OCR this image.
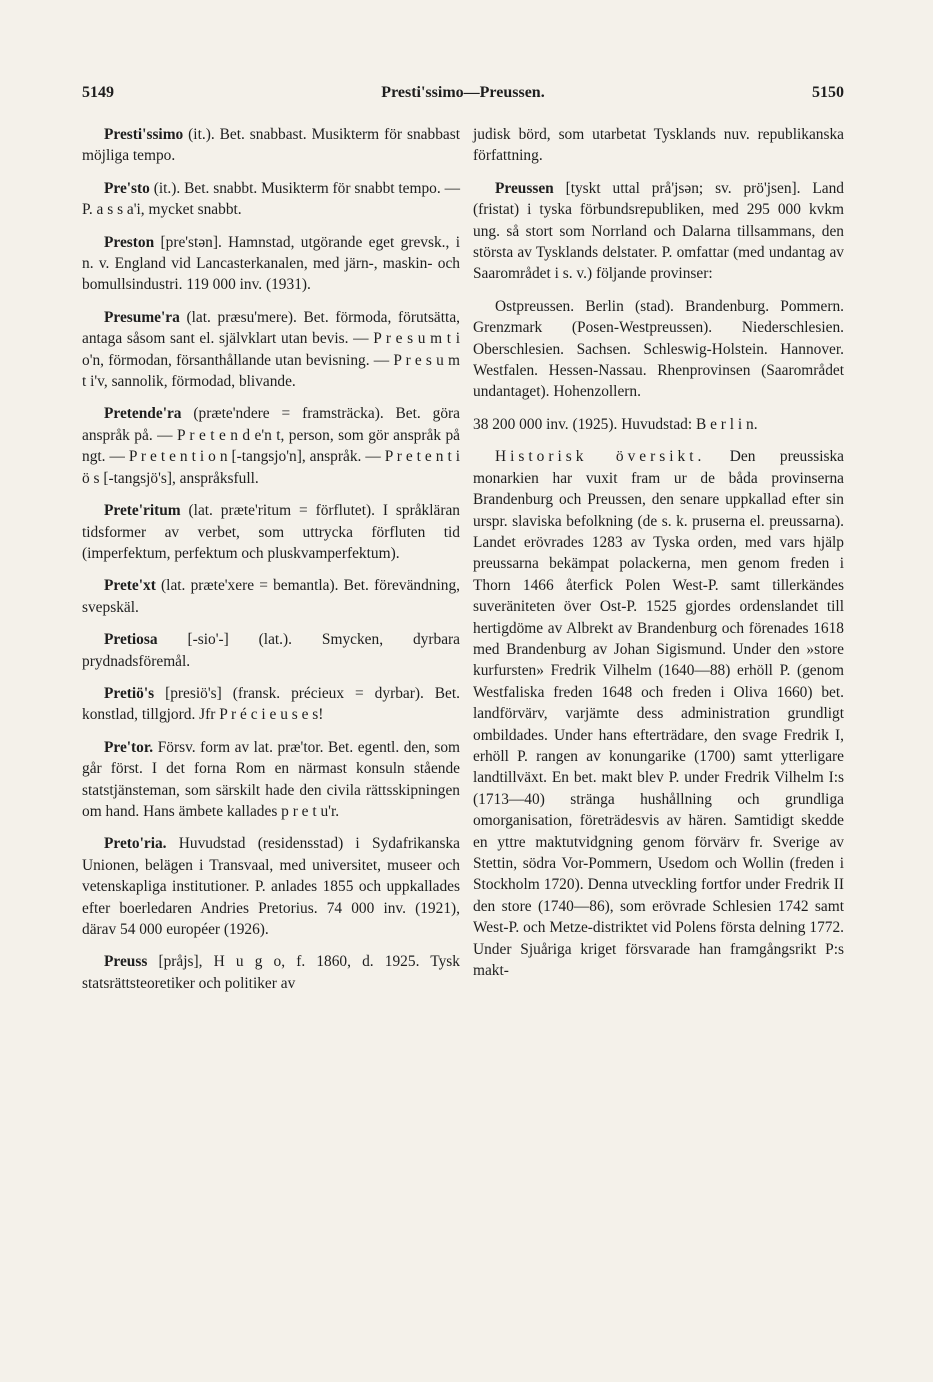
5149	Presti'ssimo—Preussen.	5150

Presti'ssimo (it.). Bet. snabbast. Musikterm för snabbast möjliga tempo.

Pre'sto (it.). Bet. snabbt. Musikterm för snabbt tempo. — P. a s s a'i, mycket snabbt.

Preston [pre'stən]. Hamnstad, utgörande eget grevsk., i n. v. England vid Lancasterkanalen, med järn-, maskin- och bomullsindustri. 119 000 inv. (1931).

Presume'ra (lat. præsu'mere). Bet. förmoda, förutsätta, antaga såsom sant el. självklart utan bevis. — P r e s u m t i o'n, förmodan, försanthållande utan bevisning. — P r e s u m t i'v, sannolik, förmodad, blivande.

Pretende'ra (præte'ndere = framsträcka). Bet. göra anspråk på. — P r e t e n d e'n t, person, som gör anspråk på ngt. — P r e t e n t i o n [-tangsjo'n], anspråk. — P r e t e n t i ö s [-tangsjö's], anspråksfull.

Prete'ritum (lat. præte'ritum = förflutet). I språkläran tidsformer av verbet, som uttrycka förfluten tid (imperfektum, perfektum och pluskvamperfektum).

Prete'xt (lat. præte'xere = bemantla). Bet. förevändning, svepskäl.

Pretiosa [-sio'-] (lat.). Smycken, dyrbara prydnadsföremål.

Pretiö's [presiö's] (fransk. précieux = dyrbar). Bet. konstlad, tillgjord. Jfr P r é c i e u s e s!

Pre'tor. Försv. form av lat. præ'tor. Bet. egentl. den, som går först. I det forna Rom en närmast konsuln stående statstjänsteman, som särskilt hade den civila rättsskipningen om hand. Hans ämbete kallades p r e t u'r.

Preto'ria. Huvudstad (residensstad) i Sydafrikanska Unionen, belägen i Transvaal, med universitet, museer och vetenskapliga institutioner. P. anlades 1855 och uppkallades efter boerledaren Andries Pretorius. 74 000 inv. (1921), därav 54 000 européer (1926).

Preuss [pråjs], H u g o, f. 1860, d. 1925. Tysk statsrättsteoretiker och politiker av

judisk börd, som utarbetat Tysklands nuv. republikanska författning.

Preussen [tyskt uttal prå'jsən; sv. prö'jsen]. Land (fristat) i tyska förbundsrepubliken, med 295 000 kvkm ung. så stort som Norrland och Dalarna tillsammans, den största av Tysklands delstater. P. omfattar (med undantag av Saarområdet i s. v.) följande provinser:

Ostpreussen. Berlin (stad). Brandenburg. Pommern. Grenzmark (Posen-Westpreussen). Niederschlesien. Oberschlesien. Sachsen. Schleswig-Holstein. Hannover. Westfalen. Hessen-Nassau. Rhenprovinsen (Saarområdet undantaget). Hohenzollern.

38 200 000 inv. (1925). Huvudstad: B e r l i n.

Historisk översikt. Den preussiska monarkien har vuxit fram ur de båda provinserna Brandenburg och Preussen, den senare uppkallad efter sin urspr. slaviska befolkning (de s. k. pruserna el. preussarna). Landet erövrades 1283 av Tyska orden, med vars hjälp preussarna bekämpat polackerna, men genom freden i Thorn 1466 återfick Polen West-P. samt tillerkändes suveräniteten över Ost-P. 1525 gjordes ordenslandet till hertigdöme av Albrekt av Brandenburg och förenades 1618 med Brandenburg av Johan Sigismund. Under den »store kurfursten» Fredrik Vilhelm (1640—88) erhöll P. (genom Westfaliska freden 1648 och freden i Oliva 1660) bet. landförvärv, varjämte dess administration grundligt ombildades. Under hans efterträdare, den svage Fredrik I, erhöll P. rangen av konungarike (1700) samt ytterligare landtillväxt. En bet. makt blev P. under Fredrik Vilhelm I:s (1713—40) stränga hushållning och grundliga omorganisation, företrädesvis av hären. Samtidigt skedde en yttre maktutvidgning genom förvärv fr. Sverige av Stettin, södra Vor-Pommern, Usedom och Wollin (freden i Stockholm 1720). Denna utveckling fortfor under Fredrik II den store (1740—86), som erövrade Schlesien 1742 samt West-P. och Metze-distriktet vid Polens första delning 1772. Under Sjuåriga kriget försvarade han framgångsrikt P:s makt-
